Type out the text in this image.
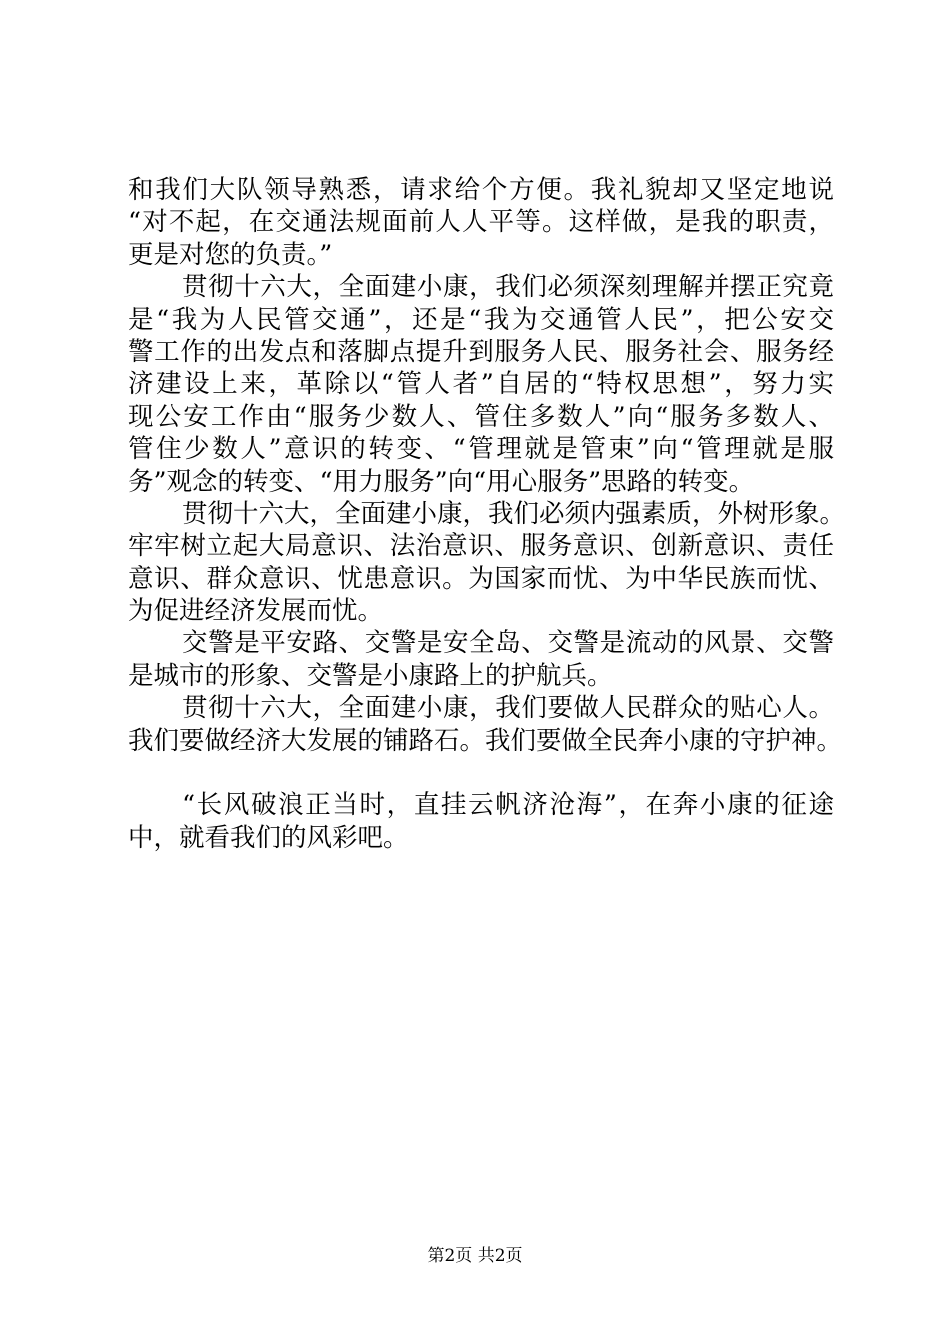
和我们大队领导熟悉，请求给个方便。我礼貌却又坚定地说
“对不起，在交通法规面前人人平等。这样做，是我的职责，
更是对您的负责。”
贯彻十六大，全面建小康，我们必须深刻理解并摆正究竟
是“我为人民管交通”，还是“我为交通管人民”，把公安交
警工作的出发点和落脚点提升到服务人民、服务社会、服务经
济建设上来，革除以“管人者”自居的“特权思想”，努力实
现公安工作由“服务少数人、管住多数人”向“服务多数人、
管住少数人”意识的转变、“管理就是管束”向“管理就是服
务”观念的转变、“用力服务”向“用心服务”思路的转变。
贯彻十六大，全面建小康，我们必须内强素质，外树形象。
牢牢树立起大局意识、法治意识、服务意识、创新意识、责任
意识、群众意识、忧患意识。为国家而忧、为中华民族而忧、
为促进经济发展而忧。
交警是平安路、交警是安全岛、交警是流动的风景、交警
是城市的形象、交警是小康路上的护航兵。
贯彻十六大，全面建小康，我们要做人民群众的贴心人。
我们要做经济大发展的铺路石。我们要做全民奔小康的守护神。
“长风破浪正当时，直挂云帆济沧海”，在奔小康的征途
中，就看我们的风彩吧。
第2页 共2页
